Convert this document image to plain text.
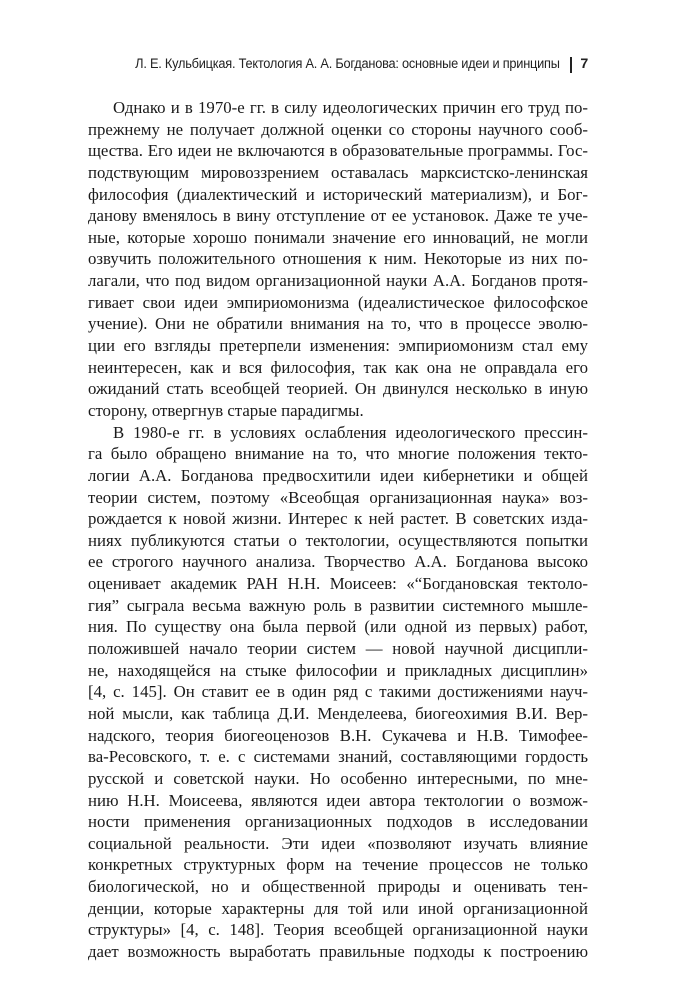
Л. Е. Кульбицкая. Тектология А. А. Богданова: основные идеи и принципы 7
Однако и в 1970-е гг. в силу идеологических причин его труд по-
прежнему не получает должной оценки со стороны научного сооб-
щества. Его идеи не включаются в образовательные программы. Гос-
подствующим мировоззрением оставалась марксистско-ленинская
философия (диалектический и исторический материализм), и Бог-
данову вменялось в вину отступление от ее установок. Даже те уче-
ные, которые хорошо понимали значение его инноваций, не могли
озвучить положительного отношения к ним. Некоторые из них по-
лагали, что под видом организационной науки А.А. Богданов протя-
гивает свои идеи эмпириомонизма (идеалистическое философское
учение). Они не обратили внимания на то, что в процессе эволю-
ции его взгляды претерпели изменения: эмпириомонизм стал ему
неинтересен, как и вся философия, так как она не оправдала его
ожиданий стать всеобщей теорией. Он двинулся несколько в иную
сторону, отвергнув старые парадигмы.
В 1980-е гг. в условиях ослабления идеологического прессин-
га было обращено внимание на то, что многие положения текто-
логии А.А. Богданова предвосхитили идеи кибернетики и общей
теории систем, поэтому «Всеобщая организационная наука» воз-
рождается к новой жизни. Интерес к ней растет. В советских изда-
ниях публикуются статьи о тектологии, осуществляются попытки
ее строгого научного анализа. Творчество А.А. Богданова высоко
оценивает академик РАН Н.Н. Моисеев: «“Богдановская тектоло-
гия” сыграла весьма важную роль в развитии системного мышле-
ния. По существу она была первой (или одной из первых) работ,
положившей начало теории систем — новой научной дисципли-
не, находящейся на стыке философии и прикладных дисциплин»
[4, с. 145]. Он ставит ее в один ряд с такими достижениями науч-
ной мысли, как таблица Д.И. Менделеева, биогеохимия В.И. Вер-
надского, теория биогеоценозов В.Н. Сукачева и Н.В. Тимофее-
ва-Ресовского, т. е. с системами знаний, составляющими гордость
русской и советской науки. Но особенно интересными, по мне-
нию Н.Н. Моисеева, являются идеи автора тектологии о возмож-
ности применения организационных подходов в исследовании
социальной реальности. Эти идеи «позволяют изучать влияние
конкретных структурных форм на течение процессов не только
биологической, но и общественной природы и оценивать тен-
денции, которые характерны для той или иной организационной
структуры» [4, с. 148]. Теория всеобщей организационной науки
дает возможность выработать правильные подходы к построению
